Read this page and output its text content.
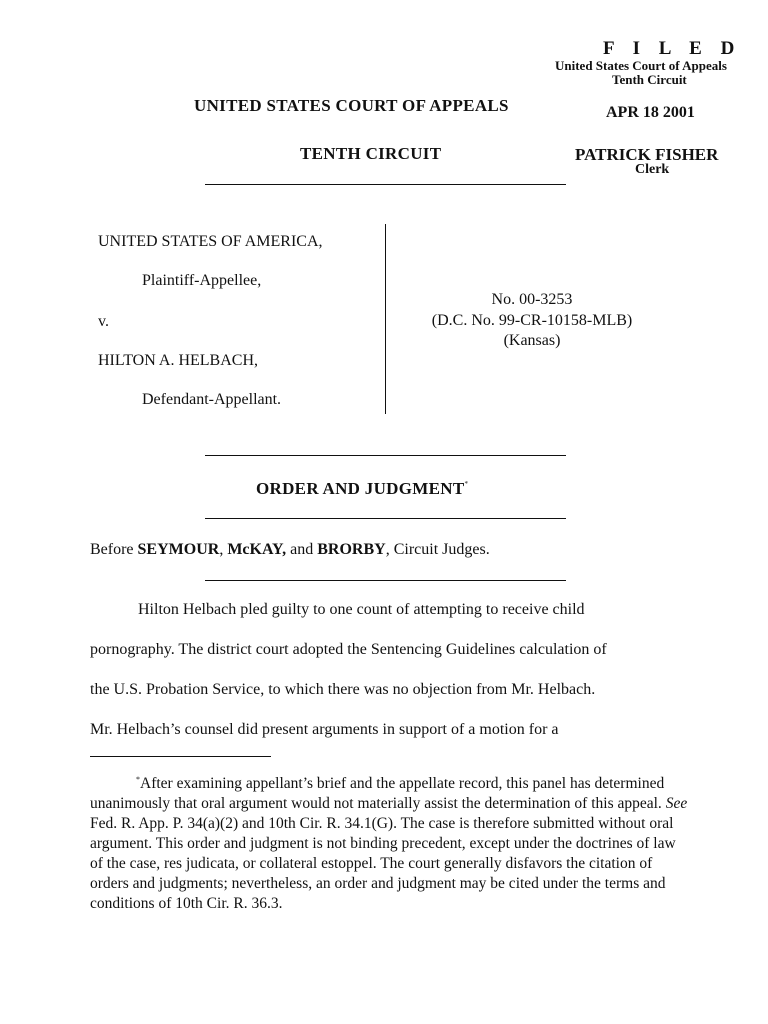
F I L E D
United States Court of Appeals
Tenth Circuit
APR 18 2001
PATRICK FISHER
Clerk
UNITED STATES COURT OF APPEALS
TENTH CIRCUIT
UNITED STATES OF AMERICA,
Plaintiff-Appellee,
v.
HILTON A. HELBACH,
Defendant-Appellant.
No. 00-3253
(D.C. No. 99-CR-10158-MLB)
(Kansas)
ORDER AND JUDGMENT*
Before SEYMOUR, McKAY, and BRORBY, Circuit Judges.
Hilton Helbach pled guilty to one count of attempting to receive child
pornography. The district court adopted the Sentencing Guidelines calculation of
the U.S. Probation Service, to which there was no objection from Mr. Helbach.
Mr. Helbach’s counsel did present arguments in support of a motion for a

*After examining appellant’s brief and the appellate record, this panel has determined unanimously that oral argument would not materially assist the determination of this appeal. See Fed. R. App. P. 34(a)(2) and 10th Cir. R. 34.1(G). The case is therefore submitted without oral argument. This order and judgment is not binding precedent, except under the doctrines of law of the case, res judicata, or collateral estoppel. The court generally disfavors the citation of orders and judgments; nevertheless, an order and judgment may be cited under the terms and conditions of 10th Cir. R. 36.3.
